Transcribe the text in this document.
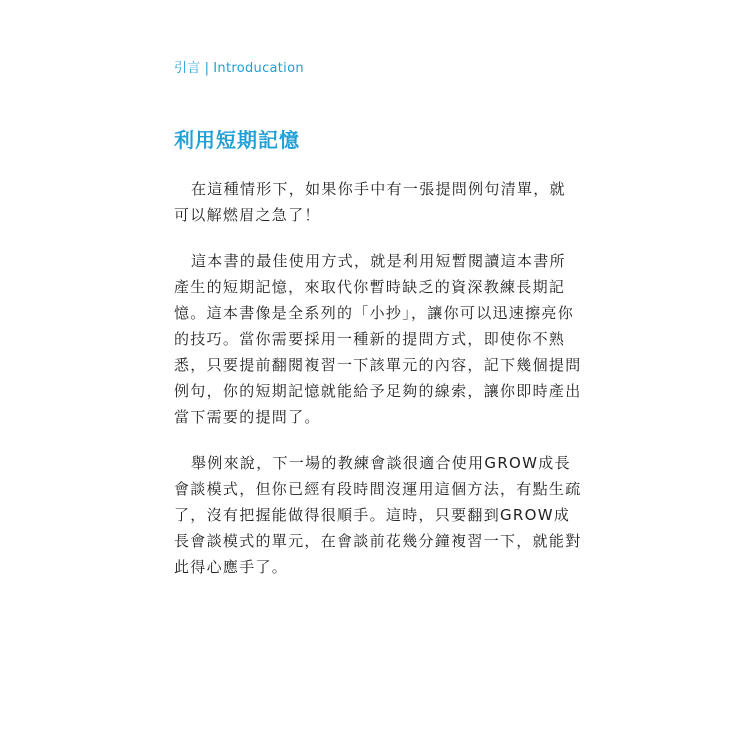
引言 | Introducation
利用短期記憶

在這種情形下，如果你手中有一張提問例句清單，就
可以解燃眉之急了！

這本書的最佳使用方式，就是利用短暫閱讀這本書所
產生的短期記憶，來取代你暫時缺乏的資深教練長期記
憶。這本書像是全系列的「小抄」，讓你可以迅速擦亮你
的技巧。當你需要採用一種新的提問方式，即使你不熟
悉，只要提前翻閱複習一下該單元的內容，記下幾個提問
例句，你的短期記憶就能給予足夠的線索，讓你即時產出
當下需要的提問了。

舉例來說，下一場的教練會談很適合使用GROW成長
會談模式，但你已經有段時間沒運用這個方法，有點生疏
了，沒有把握能做得很順手。這時，只要翻到GROW成
長會談模式的單元，在會談前花幾分鐘複習一下，就能對
此得心應手了。
